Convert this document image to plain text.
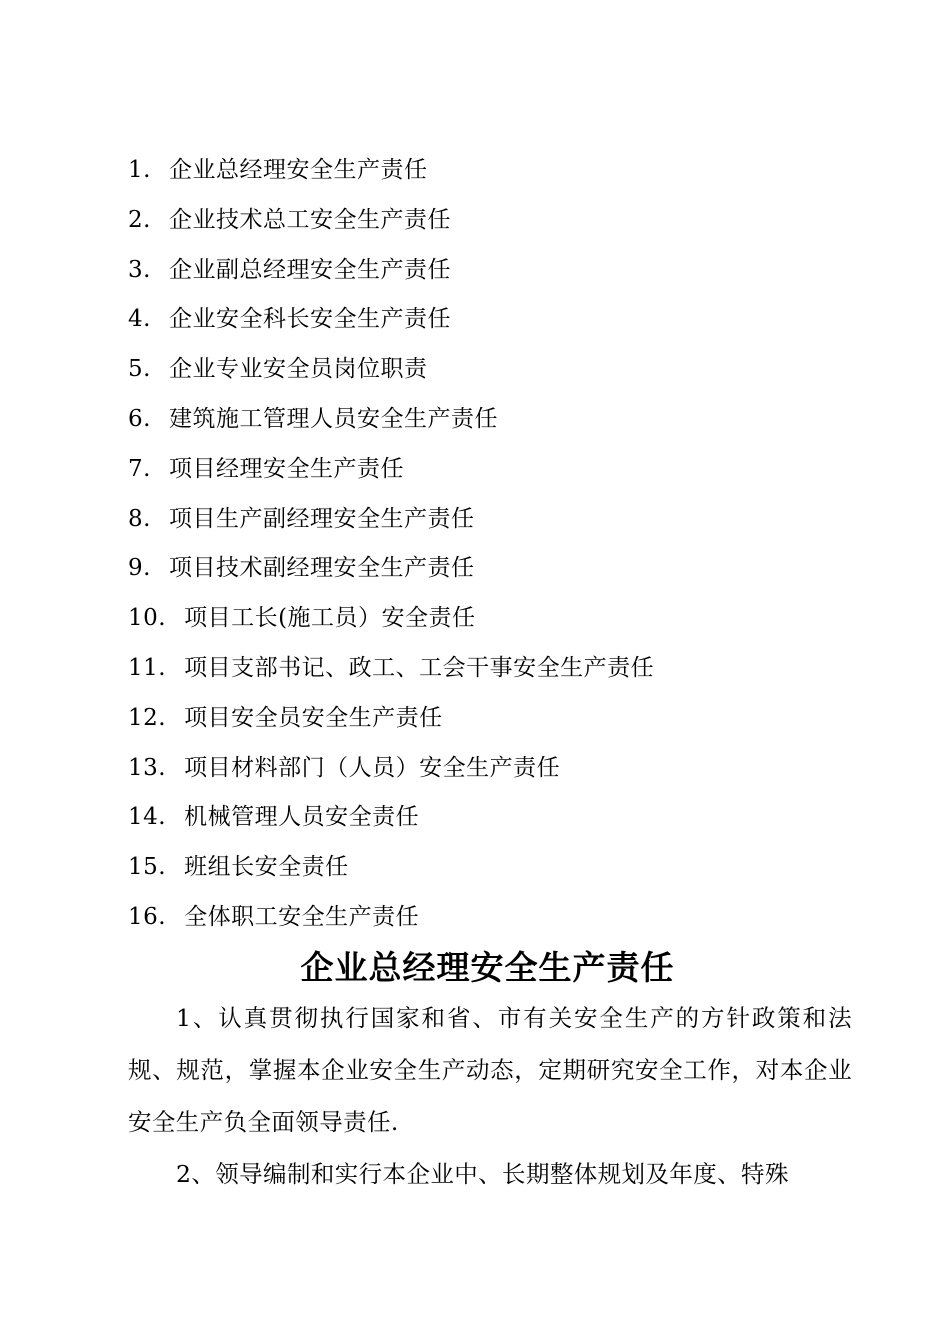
1. 企业总经理安全生产责任
2. 企业技术总工安全生产责任
3. 企业副总经理安全生产责任
4. 企业安全科长安全生产责任
5. 企业专业安全员岗位职责
6. 建筑施工管理人员安全生产责任
7. 项目经理安全生产责任
8. 项目生产副经理安全生产责任
9. 项目技术副经理安全生产责任
10. 项目工长(施工员）安全责任
11. 项目支部书记、政工、工会干事安全生产责任
12. 项目安全员安全生产责任
13. 项目材料部门（人员）安全生产责任
14. 机械管理人员安全责任
15. 班组长安全责任
16. 全体职工安全生产责任
企业总经理安全生产责任

1、认真贯彻执行国家和省、市有关安全生产的方针政策和法规、规范，掌握本企业安全生产动态，定期研究安全工作，对本企业安全生产负全面领导责任.

2、领导编制和实行本企业中、长期整体规划及年度、特殊
